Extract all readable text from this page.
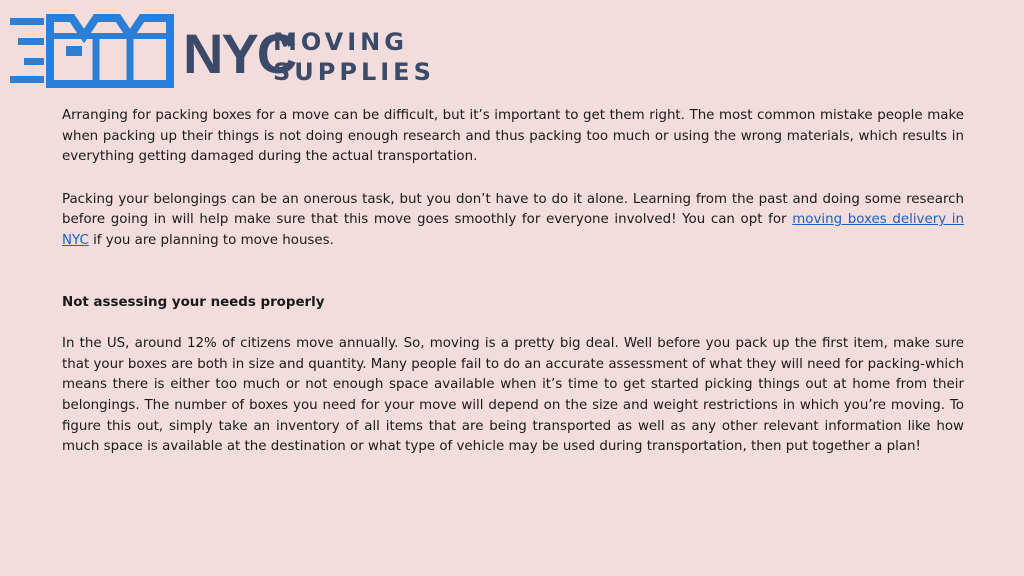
NYC
MOVING
SUPPLIES

Arranging for packing boxes for a move can be difficult, but it’s important to get them right. The most common mistake people make when packing up their things is not doing enough research and thus packing too much or using the wrong materials, which results in everything getting damaged during the actual transportation.

Packing your belongings can be an onerous task, but you don’t have to do it alone. Learning from the past and doing some research before going in will help make sure that this move goes smoothly for everyone involved! You can opt for moving boxes delivery in NYC if you are planning to move houses.

Not assessing your needs properly

In the US, around 12% of citizens move annually. So, moving is a pretty big deal. Well before you pack up the first item, make sure that your boxes are both in size and quantity. Many people fail to do an accurate assessment of what they will need for packing-which means there is either too much or not enough space available when it’s time to get started picking things out at home from their belongings. The number of boxes you need for your move will depend on the size and weight restrictions in which you’re moving. To figure this out, simply take an inventory of all items that are being transported as well as any other relevant information like how much space is available at the destination or what type of vehicle may be used during transportation, then put together a plan!
